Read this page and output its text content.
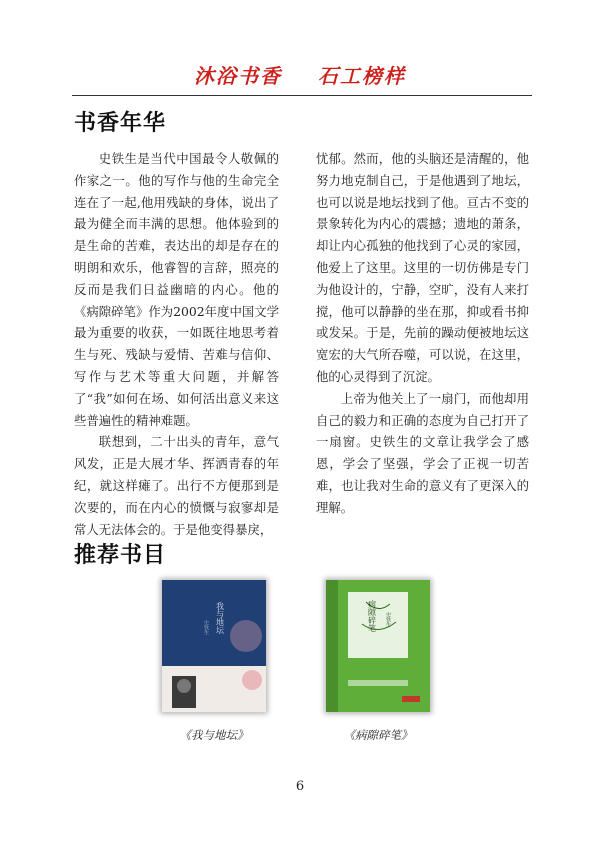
沐浴书香 石工榜样
书香年华

史铁生是当代中国最令人敬佩的作家之一。他的写作与他的生命完全连在了一起,他用残缺的身体，说出了最为健全而丰满的思想。他体验到的是生命的苦难，表达出的却是存在的明朗和欢乐，他睿智的言辞，照亮的反而是我们日益幽暗的内心。他的《病隙碎笔》作为2002年度中国文学最为重要的收获，一如既往地思考着生与死、残缺与爱情、苦难与信仰、写作与艺术等重大问题，并解答了“我”如何在场、如何活出意义来这些普遍性的精神难题。

联想到，二十出头的青年，意气风发，正是大展才华、挥洒青春的年纪，就这样瘫了。出行不方便那到是次要的，而在内心的愤慨与寂寥却是常人无法体会的。于是他变得暴戾，

忧郁。然而，他的头脑还是清醒的，他努力地克制自己，于是他遇到了地坛，也可以说是地坛找到了他。亘古不变的景象转化为内心的震撼；遗地的萧条，却让内心孤独的他找到了心灵的家园，他爱上了这里。这里的一切仿佛是专门为他设计的，宁静，空旷，没有人来打搅，他可以静静的坐在那，抑或看书抑或发呆。于是，先前的躁动便被地坛这宽宏的大气所吞噬，可以说，在这里，他的心灵得到了沉淀。

上帝为他关上了一扇门，而他却用自己的毅力和正确的态度为自己打开了一扇窗。史铁生的文章让我学会了感恩，学会了坚强，学会了正视一切苦难，也让我对生命的意义有了更深入的理解。

推荐书目
我与地坛
史铁生	病隙碎笔 史铁生
《我与地坛》	《病隙碎笔》
6
